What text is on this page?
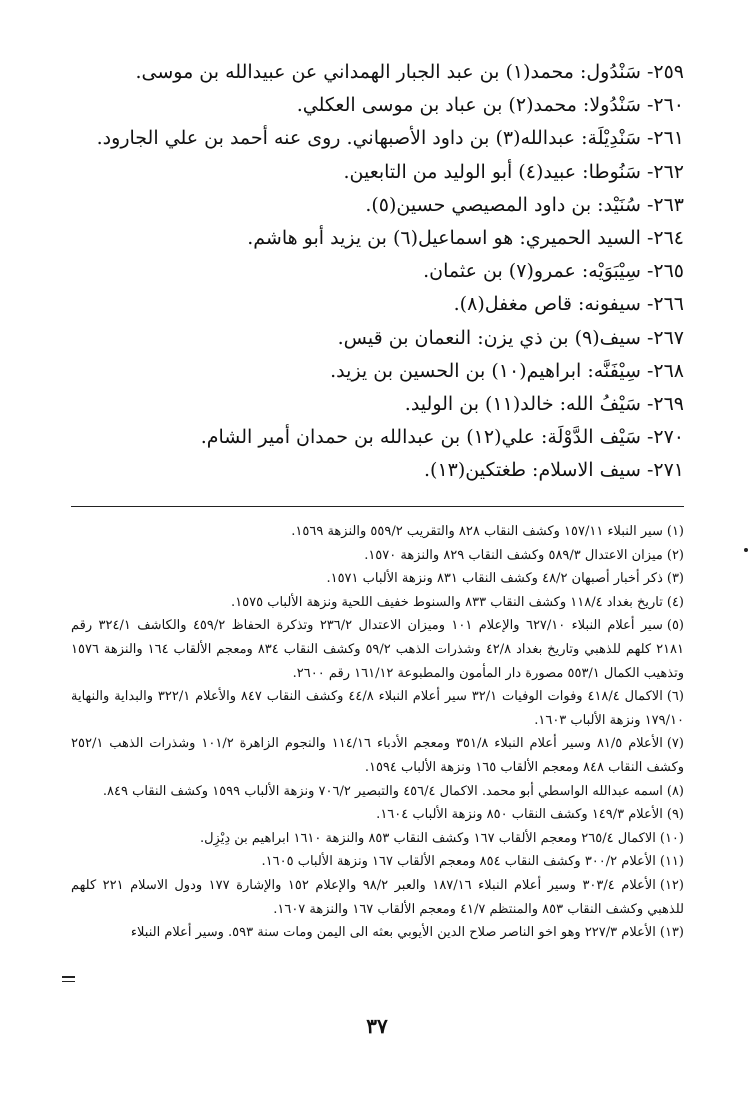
٢٥٩-سَنْدُول: محمد(١) بن عبد الجبار الهمداني عن عبيدالله بن موسى.
٢٦٠-سَنْدُولا: محمد(٢) بن عباد بن موسى العكلي.
٢٦١-سَنْدِيْلَة: عبدالله(٣) بن داود الأصبهاني. روى عنه أحمد بن علي الجارود.
٢٦٢-سَنُوطا: عبيد(٤) أبو الوليد من التابعين.
٢٦٣-سُنَيْد: بن داود المصيصي حسين(٥).
٢٦٤-السيد الحميري: هو اسماعيل(٦) بن يزيد أبو هاشم.
٢٦٥-سِيْبَوَيْه: عمرو(٧) بن عثمان.
٢٦٦-سيفونه: قاص مغفل(٨).
٢٦٧-سيف(٩) بن ذي يزن: النعمان بن قيس.
٢٦٨-سِيْفَنَّه: ابراهيم(١٠) بن الحسين بن يزيد.
٢٦٩-سَيْفُ الله: خالد(١١) بن الوليد.
٢٧٠-سَيْف الدَّوْلَة: علي(١٢) بن عبدالله بن حمدان أمير الشام.
٢٧١-سيف الاسلام: طغتكين(١٣).

(١)سير النبلاء ١٥٧/١١ وكشف النقاب ٨٢٨ والتقريب ٥٥٩/٢ والنزهة ١٥٦٩.

(٢)ميزان الاعتدال ٥٨٩/٣ وكشف النقاب ٨٢٩ والنزهة ١٥٧٠.

(٣)ذكر أخبار أصبهان ٤٨/٢ وكشف النقاب ٨٣١ ونزهة الألباب ١٥٧١.

(٤)تاريخ بغداد ١١٨/٤ وكشف النقاب ٨٣٣ والسنوط خفيف اللحية ونزهة الألباب ١٥٧٥.

(٥)سير أعلام النبلاء ٦٢٧/١٠ والإعلام ١٠١ وميزان الاعتدال ٢٣٦/٢ وتذكرة الحفاظ ٤٥٩/٢ والكاشف ٣٢٤/١ رقم ٢١٨١ كلهم للذهبي وتاريخ بغداد ٤٢/٨ وشذرات الذهب ٥٩/٢ وكشف النقاب ٨٣٤ ومعجم الألقاب ١٦٤ والنزهة ١٥٧٦ وتذهيب الكمال ٥٥٣/١ مصورة دار المأمون والمطبوعة ١٦١/١٢ رقم ٢٦٠٠.

(٦)الاكمال ٤١٨/٤ وفوات الوفيات ٣٢/١ سير أعلام النبلاء ٤٤/٨ وكشف النقاب ٨٤٧ والأعلام ٣٢٢/١ والبداية والنهاية ١٧٩/١٠ ونزهة الألباب ١٦٠٣.

(٧)الأعلام ٨١/٥ وسير أعلام النبلاء ٣٥١/٨ ومعجم الأدباء ١١٤/١٦ والنجوم الزاهرة ١٠١/٢ وشذرات الذهب ٢٥٢/١ وكشف النقاب ٨٤٨ ومعجم الألقاب ١٦٥ ونزهة الألباب ١٥٩٤.

(٨)اسمه عبدالله الواسطي أبو محمد. الاكمال ٤٥٦/٤ والتبصير ٧٠٦/٢ ونزهة الألباب ١٥٩٩ وكشف النقاب ٨٤٩.

(٩)الأعلام ١٤٩/٣ وكشف النقاب ٨٥٠ ونزهة الألباب ١٦٠٤.

(١٠)الاكمال ٢٦٥/٤ ومعجم الألقاب ١٦٧ وكشف النقاب ٨٥٣ والنزهة ١٦١٠ ابراهيم بن دِيْزِل.

(١١)الأعلام ٣٠٠/٢ وكشف النقاب ٨٥٤ ومعجم الألقاب ١٦٧ ونزهة الألباب ١٦٠٥.

(١٢)الأعلام ٣٠٣/٤ وسير أعلام النبلاء ١٨٧/١٦ والعبر ٩٨/٢ والإعلام ١٥٢ والإشارة ١٧٧ ودول الاسلام ٢٢١ كلهم للذهبي وكشف النقاب ٨٥٣ والمنتظم ٤١/٧ ومعجم الألقاب ١٦٧ والنزهة ١٦٠٧.

(١٣)الأعلام ٢٢٧/٣ وهو اخو الناصر صلاح الدين الأيوبي بعثه الى اليمن ومات سنة ٥٩٣. وسير أعلام النبلاء

٣٧
